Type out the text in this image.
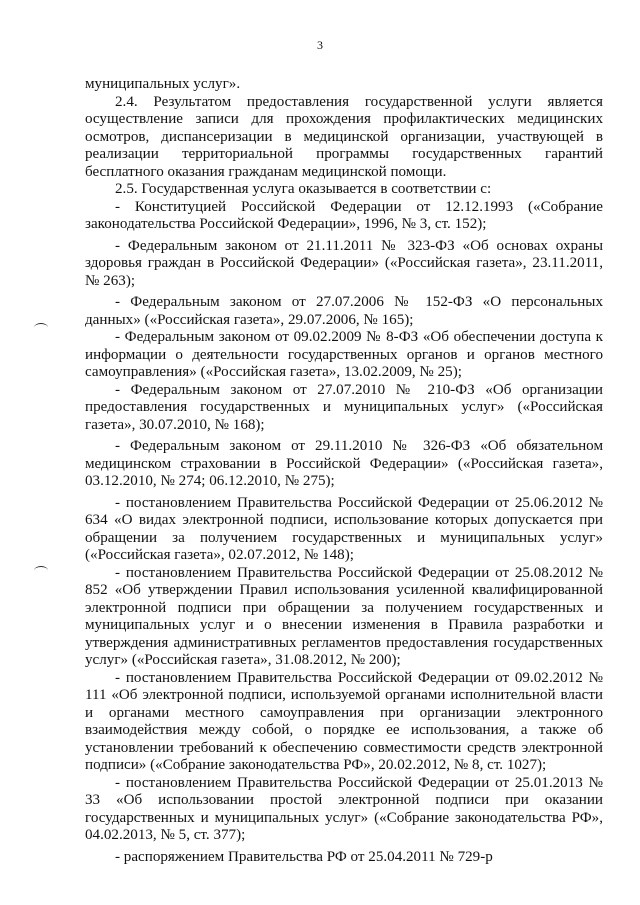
3

муниципальных услуг».

2.4. Результатом предоставления государственной услуги является осуществление записи для прохождения профилактических медицинских осмотров, диспансеризации в медицинской организации, участвующей в реализации территориальной программы государственных гарантий бесплатного оказания гражданам медицинской помощи.

2.5. Государственная услуга оказывается в соответствии с:

- Конституцией Российской Федерации от 12.12.1993 («Собрание законодательства Российской Федерации», 1996, № 3, ст. 152);

- Федеральным законом от 21.11.2011 № 323-ФЗ «Об основах охраны здоровья граждан в Российской Федерации» («Российская газета», 23.11.2011, № 263);

- Федеральным законом от 27.07.2006 № 152-ФЗ «О персональных данных» («Российская газета», 29.07.2006, № 165);

- Федеральным законом от 09.02.2009 № 8-ФЗ «Об обеспечении доступа к информации о деятельности государственных органов и органов местного самоуправления» («Российская газета», 13.02.2009, № 25);

- Федеральным законом от 27.07.2010 № 210-ФЗ «Об организации предоставления государственных и муниципальных услуг» («Российская газета», 30.07.2010, № 168);

- Федеральным законом от 29.11.2010 № 326-ФЗ «Об обязательном медицинском страховании в Российской Федерации» («Российская газета», 03.12.2010, № 274; 06.12.2010, № 275);

- постановлением Правительства Российской Федерации от 25.06.2012 № 634 «О видах электронной подписи, использование которых допускается при обращении за получением государственных и муниципальных услуг» («Российская газета», 02.07.2012, № 148);

- постановлением Правительства Российской Федерации от 25.08.2012 № 852 «Об утверждении Правил использования усиленной квалифицированной электронной подписи при обращении за получением государственных и муниципальных услуг и о внесении изменения в Правила разработки и утверждения административных регламентов предоставления государственных услуг» («Российская газета», 31.08.2012, № 200);

- постановлением Правительства Российской Федерации от 09.02.2012 № 111 «Об электронной подписи, используемой органами исполнительной власти и органами местного самоуправления при организации электронного взаимодействия между собой, о порядке ее использования, а также об установлении требований к обеспечению совместимости средств электронной подписи» («Собрание законодательства РФ», 20.02.2012, № 8, ст. 1027);

- постановлением Правительства Российской Федерации от 25.01.2013 № 33 «Об использовании простой электронной подписи при оказании государственных и муниципальных услуг» («Собрание законодательства РФ», 04.02.2013, № 5, ст. 377);

- распоряжением Правительства РФ от 25.04.2011 № 729-р
